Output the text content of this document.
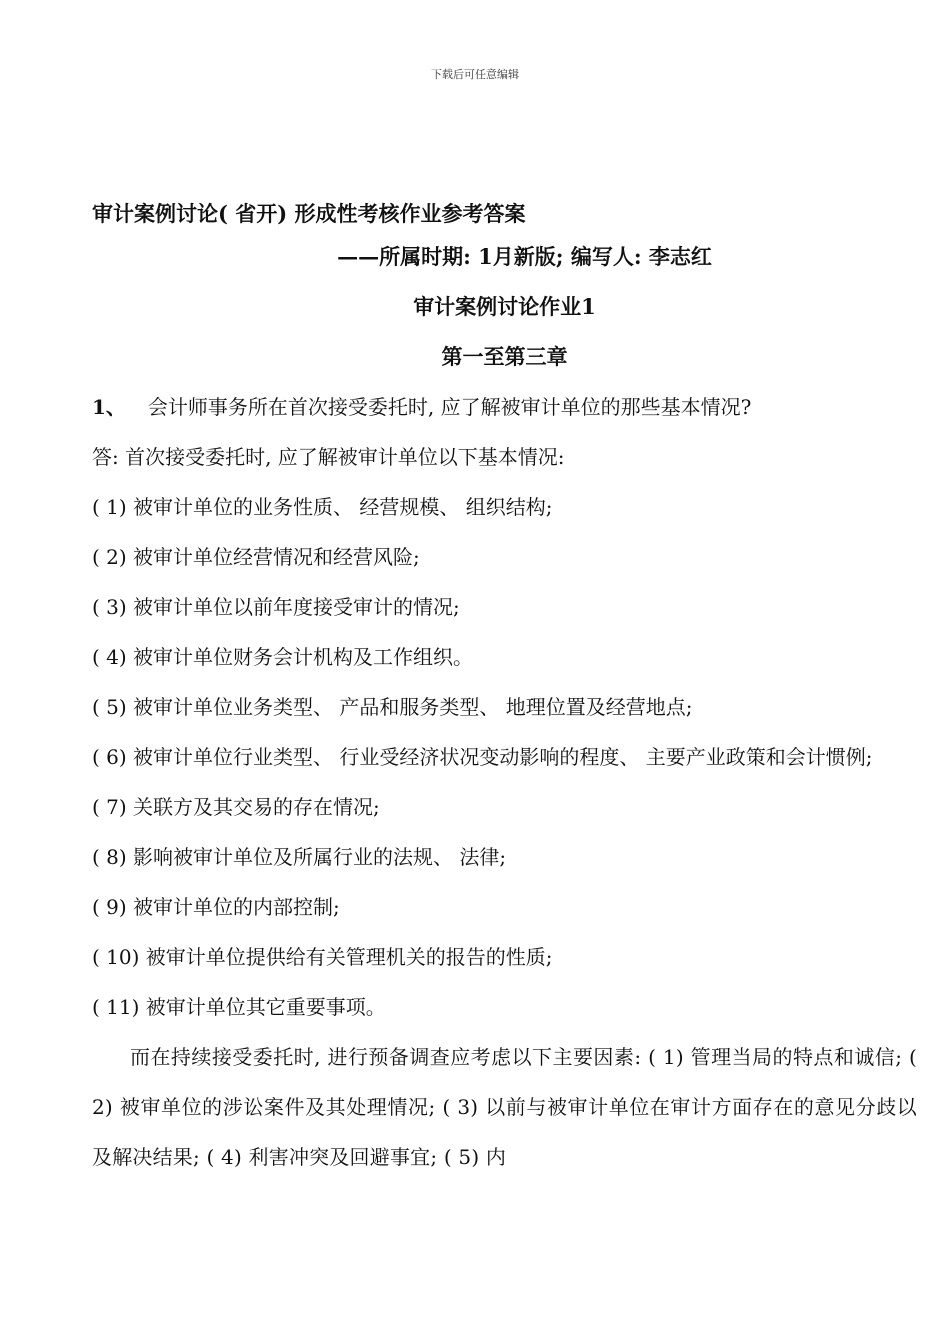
下载后可任意编辑

审计案例讨论( 省开) 形成性考核作业参考答案

——所属时期: 1月新版; 编写人: 李志红

审计案例讨论作业1

第一至第三章

1、 会计师事务所在首次接受委托时, 应了解被审计单位的那些基本情况?

答: 首次接受委托时, 应了解被审计单位以下基本情况:

( 1) 被审计单位的业务性质、 经营规模、 组织结构;

( 2) 被审计单位经营情况和经营风险;

( 3) 被审计单位以前年度接受审计的情况;

( 4) 被审计单位财务会计机构及工作组织。

( 5) 被审计单位业务类型、 产品和服务类型、 地理位置及经营地点;

( 6) 被审计单位行业类型、 行业受经济状况变动影响的程度、 主要产业政策和会计惯例;

( 7) 关联方及其交易的存在情况;

( 8) 影响被审计单位及所属行业的法规、 法律;

( 9) 被审计单位的内部控制;

( 10) 被审计单位提供给有关管理机关的报告的性质;

( 11) 被审计单位其它重要事项。

而在持续接受委托时, 进行预备调查应考虑以下主要因素: ( 1) 管理当局的特点和诚信; ( 2) 被审单位的涉讼案件及其处理情况; ( 3) 以前与被审计单位在审计方面存在的意见分歧以及解决结果; ( 4) 利害冲突及回避事宜; ( 5) 内
